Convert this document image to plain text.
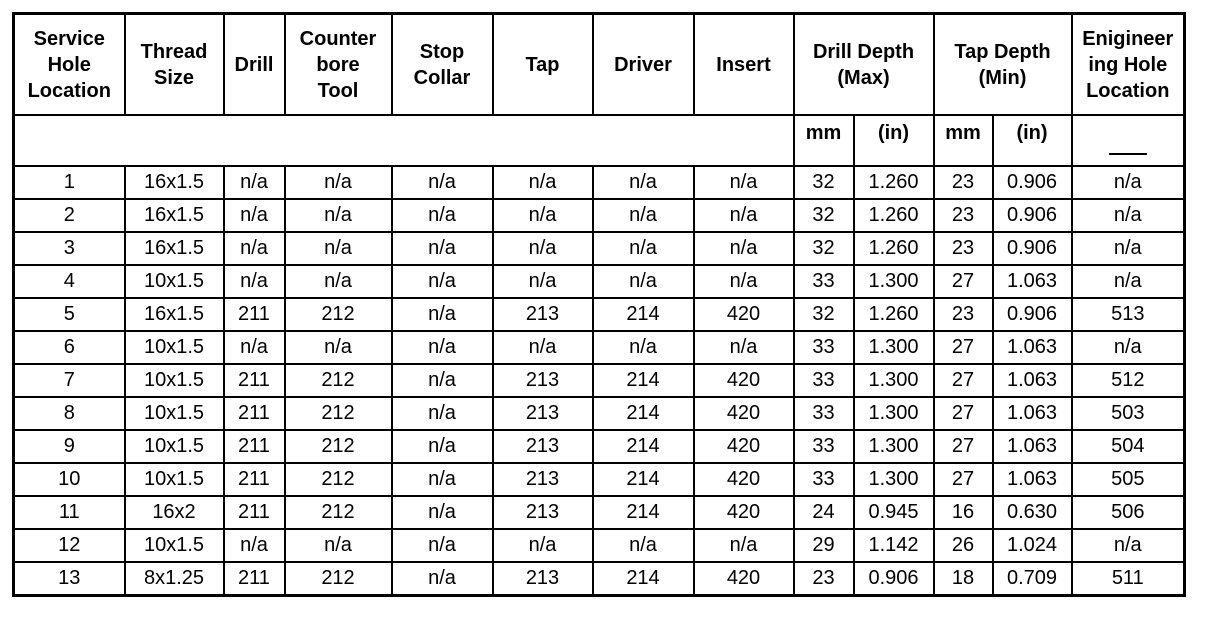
Service
Hole
Location	Thread
Size	Drill	Counter
bore
Tool	Stop
Collar	Tap	Driver	Insert	Drill Depth
(Max)		Tap Depth
(Min)		Enigineer
ing Hole
Location

								mm	(in)	mm	(in)	
1	16x1.5	n/a	n/a	n/a	n/a	n/a	n/a	32	1.260	23	0.906	n/a
2	16x1.5	n/a	n/a	n/a	n/a	n/a	n/a	32	1.260	23	0.906	n/a
3	16x1.5	n/a	n/a	n/a	n/a	n/a	n/a	32	1.260	23	0.906	n/a
4	10x1.5	n/a	n/a	n/a	n/a	n/a	n/a	33	1.300	27	1.063	n/a
5	16x1.5	211	212	n/a	213	214	420	32	1.260	23	0.906	513
6	10x1.5	n/a	n/a	n/a	n/a	n/a	n/a	33	1.300	27	1.063	n/a
7	10x1.5	211	212	n/a	213	214	420	33	1.300	27	1.063	512
8	10x1.5	211	212	n/a	213	214	420	33	1.300	27	1.063	503
9	10x1.5	211	212	n/a	213	214	420	33	1.300	27	1.063	504
10	10x1.5	211	212	n/a	213	214	420	33	1.300	27	1.063	505
11	16x2	211	212	n/a	213	214	420	24	0.945	16	0.630	506
12	10x1.5	n/a	n/a	n/a	n/a	n/a	n/a	29	1.142	26	1.024	n/a
13	8x1.25	211	212	n/a	213	214	420	23	0.906	18	0.709	511
